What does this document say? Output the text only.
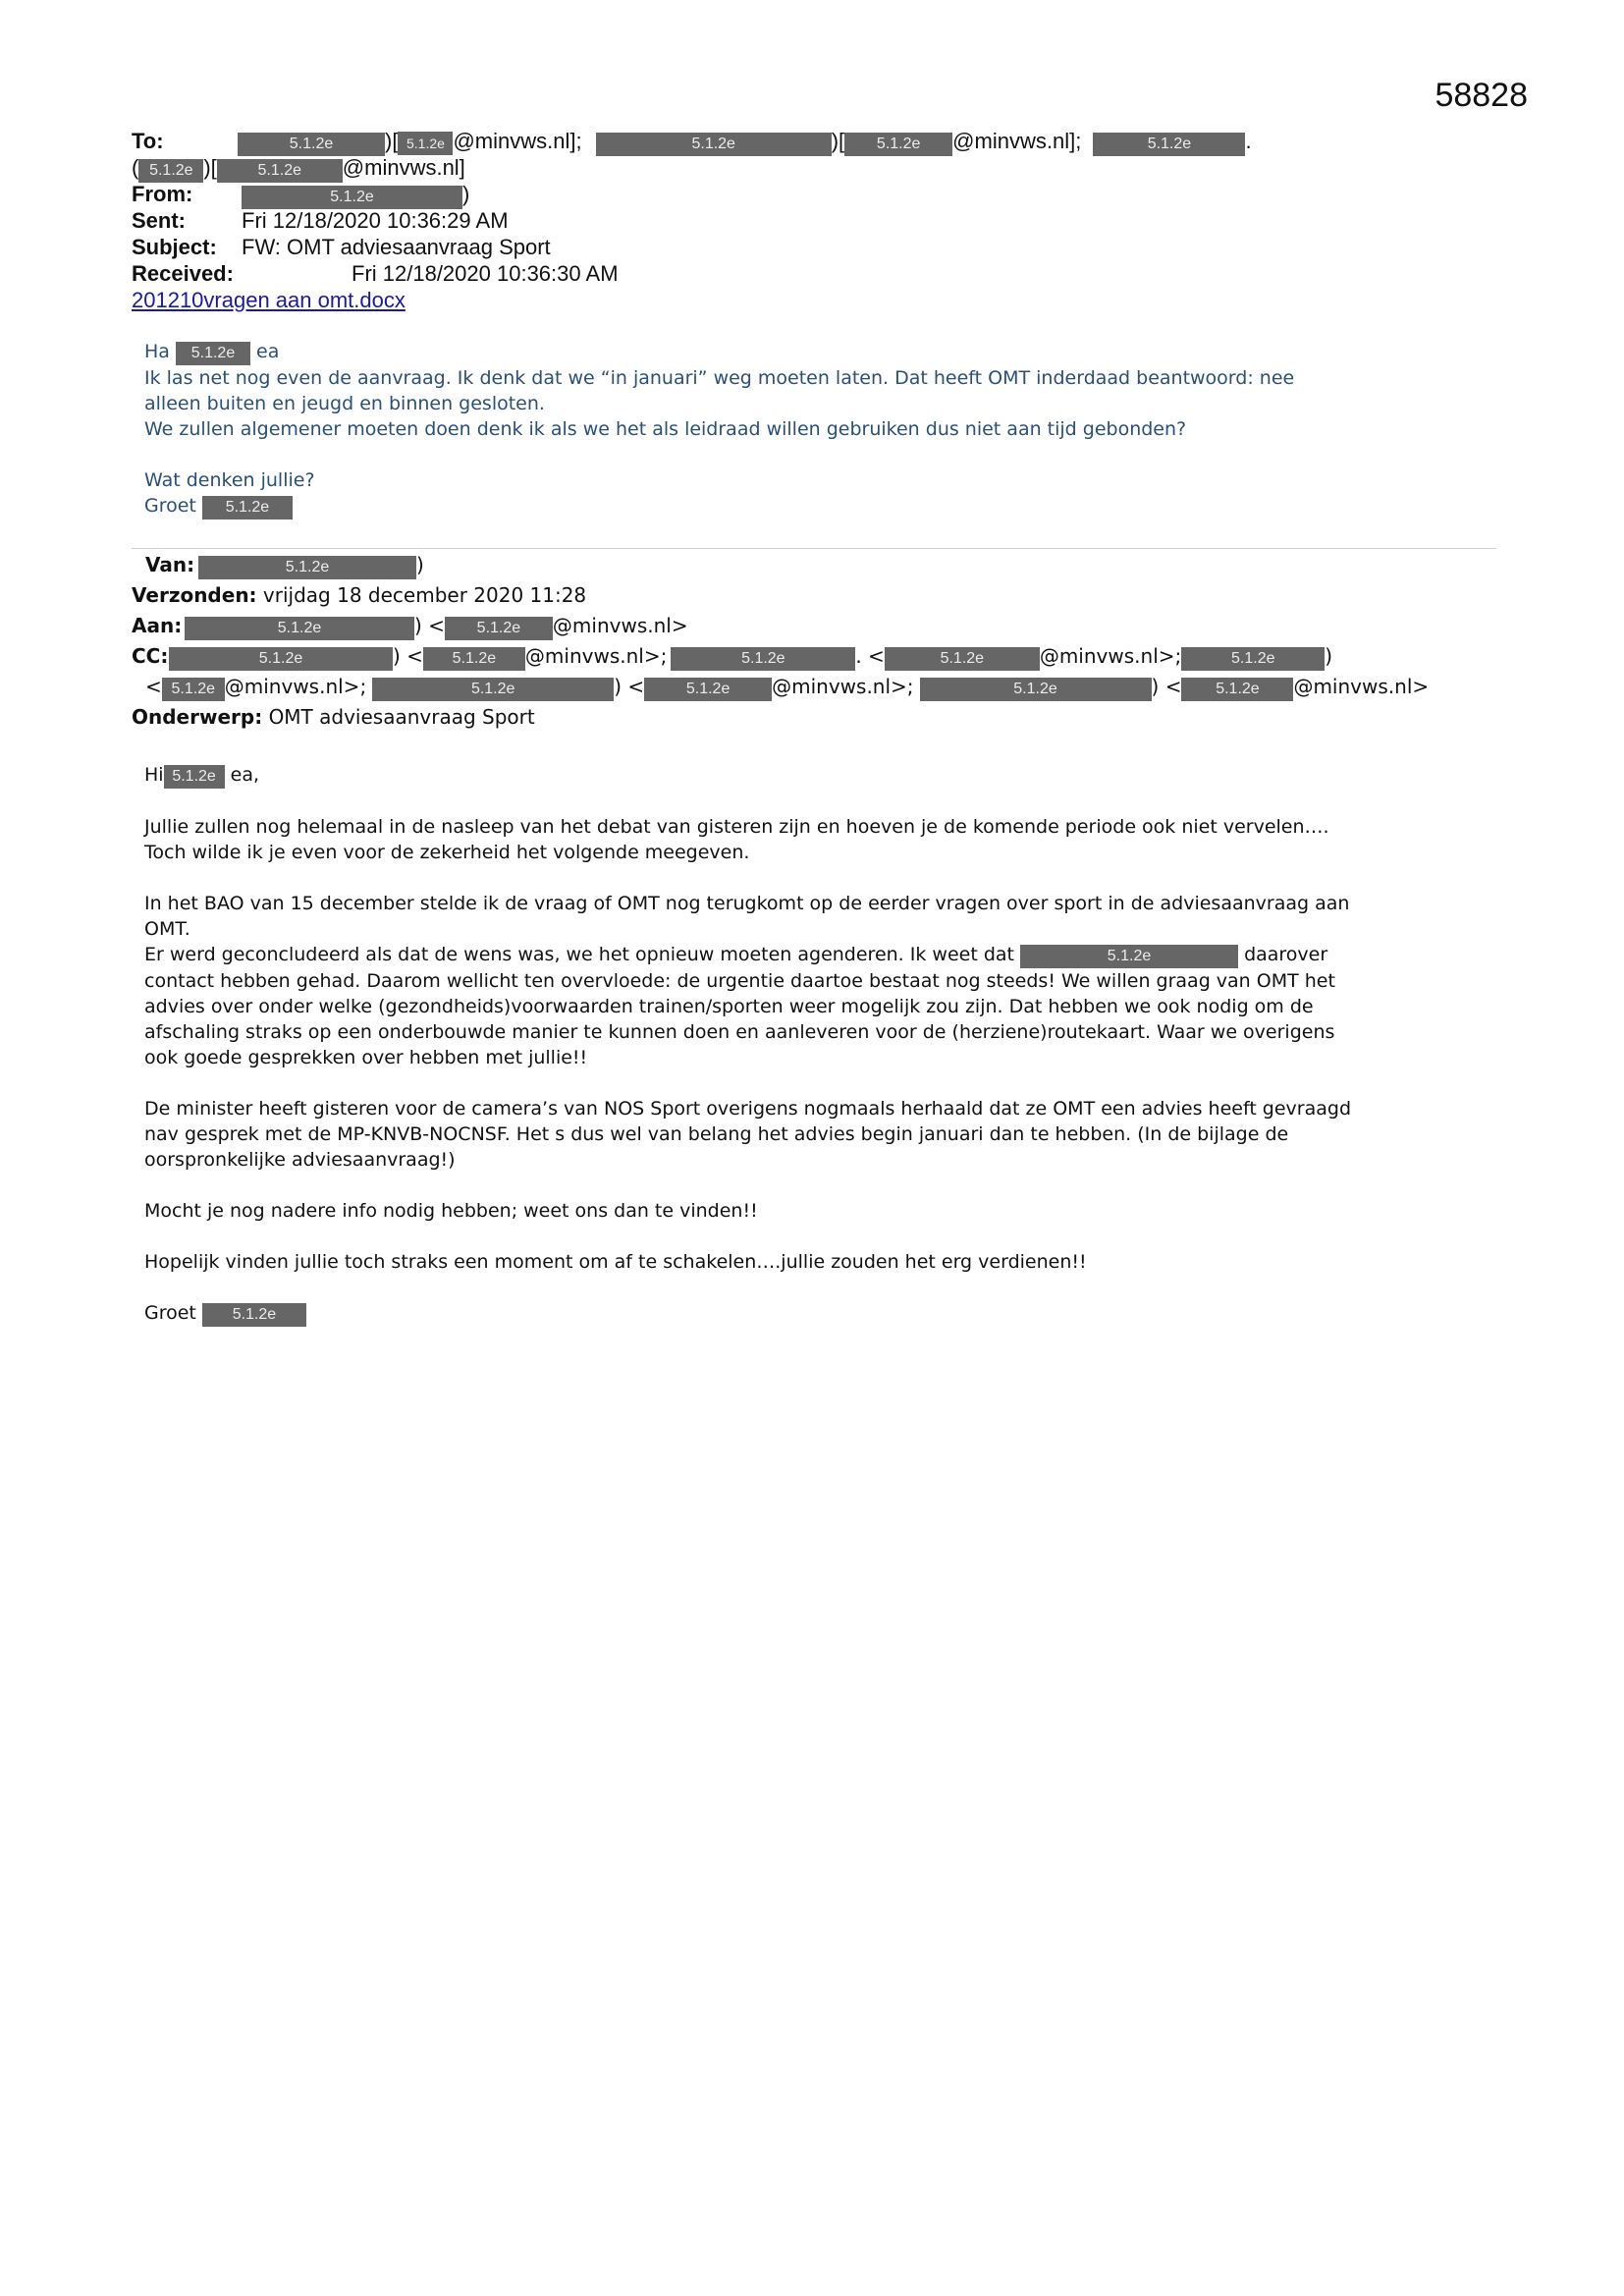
58828
To:	5.1.2e )[ 5.1.2e @minvws.nl];	5.1.2e	)[ 5.1.2e @minvws.nl];	5.1.2e	.
( 5.1.2e )[	5.1.2e @minvws.nl]
From:	5.1.2e	)
Sent:	Fri 12/18/2020 10:36:29 AM
Subject: FW: OMT adviesaanvraag Sport
Received:	Fri 12/18/2020 10:36:30 AM
201210vragen aan omt.docx

Ha 5.1.2e ea

Ik las net nog even de aanvraag. Ik denk dat we “in januari” weg moeten laten. Dat heeft OMT inderdaad beantwoord: nee

alleen buiten en jeugd en binnen gesloten.

We zullen algemener moeten doen denk ik als we het als leidraad willen gebruiken dus niet aan tijd gebonden?

Wat denken jullie?

Groet 5.1.2e

Van:	5.1.2e	)
Verzonden: vrijdag 18 december 2020 11:28
Aan:	5.1.2e	) < 5.1.2e @minvws.nl>
CC:	5.1.2e	) < 5.1.2e @minvws.nl>;	5.1.2e	. <	5.1.2e	@minvws.nl>;	5.1.2e	)
< 5.1.2e @minvws.nl>;	5.1.2e	) <	5.1.2e @minvws.nl>;	5.1.2e	) < 5.1.2e @minvws.nl>
Onderwerp: OMT adviesaanvraag Sport

Hi 5.1.2e ea,

Jullie zullen nog helemaal in de nasleep van het debat van gisteren zijn en hoeven je de komende periode ook niet vervelen….

Toch wilde ik je even voor de zekerheid het volgende meegeven.

In het BAO van 15 december stelde ik de vraag of OMT nog terugkomt op de eerder vragen over sport in de adviesaanvraag aan

OMT.

Er werd geconcludeerd als dat de wens was, we het opnieuw moeten agenderen. Ik weet dat	5.1.2e	daarover

contact hebben gehad. Daarom wellicht ten overvloede: de urgentie daartoe bestaat nog steeds! We willen graag van OMT het

advies over onder welke (gezondheids)voorwaarden trainen/sporten weer mogelijk zou zijn. Dat hebben we ook nodig om de

afschaling straks op een onderbouwde manier te kunnen doen en aanleveren voor de (herziene)routekaart. Waar we overigens

ook goede gesprekken over hebben met jullie!!

De minister heeft gisteren voor de camera’s van NOS Sport overigens nogmaals herhaald dat ze OMT een advies heeft gevraagd

nav gesprek met de MP-KNVB-NOCNSF. Het s dus wel van belang het advies begin januari dan te hebben. (In de bijlage de

oorspronkelijke adviesaanvraag!)

Mocht je nog nadere info nodig hebben; weet ons dan te vinden!!

Hopelijk vinden jullie toch straks een moment om af te schakelen….jullie zouden het erg verdienen!!

Groet 5.1.2e
